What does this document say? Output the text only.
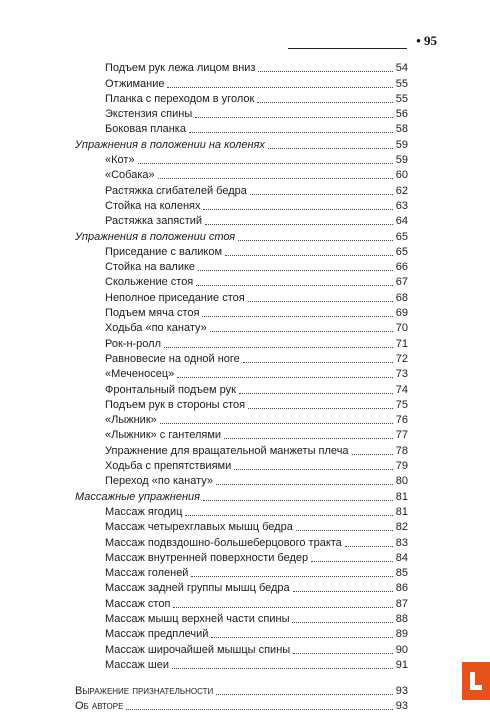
• 95
Подъем рук лежа лицом вниз	54
Отжимание	55
Планка с переходом в уголок	55
Экстензия спины	56
Боковая планка	58
Упражнения в положении на коленях	59
«Кот»	59
«Собака»	60
Растяжка сгибателей бедра	62
Стойка на коленях	63
Растяжка запястий	64
Упражнения в положении стоя	65
Приседание с валиком	65
Стойка на валике	66
Скольжение стоя	67
Неполное приседание стоя	68
Подъем мяча стоя	69
Ходьба «по канату»	70
Рок-н-ролл	71
Равновесие на одной ноге	72
«Меченосец»	73
Фронтальный подъем рук	74
Подъем рук в стороны стоя	75
«Лыжник»	76
«Лыжник» с гантелями	77
Упражнение для вращательной манжеты плеча	78
Ходьба с препятствиями	79
Переход «по канату»	80
Массажные упражнения	81
Массаж ягодиц	81
Массаж четырехглавых мышц бедра	82
Массаж подвздошно-большеберцового тракта	83
Массаж внутренней поверхности бедер	84
Массаж голеней	85
Массаж задней группы мышц бедра	86
Массаж стоп	87
Массаж мышц верхней части спины	88
Массаж предплечий	89
Массаж широчайшей мышцы спины	90
Массаж шеи	91
Выражение признательности	93
Об авторе	93
